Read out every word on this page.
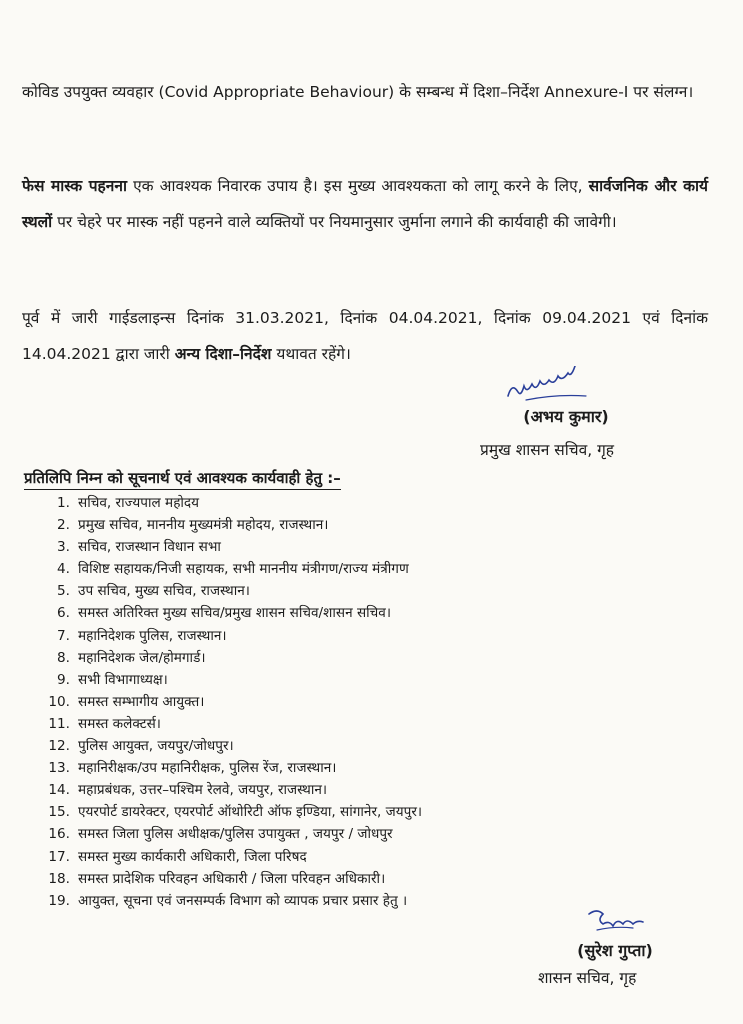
कोविड उपयुक्त व्यवहार (Covid Appropriate Behaviour) के सम्बन्ध में दिशा–निर्देश Annexure-I पर संलग्न।

फेस मास्क पहनना एक आवश्यक निवारक उपाय है। इस मुख्य आवश्यकता को लागू करने के लिए, सार्वजनिक और कार्य स्थलों पर चेहरे पर मास्क नहीं पहनने वाले व्यक्तियों पर नियमानुसार जुर्माना लगाने की कार्यवाही की जावेगी।

पूर्व में जारी गाईडलाइन्स दिनांक 31.03.2021, दिनांक 04.04.2021, दिनांक 09.04.2021 एवं दिनांक 14.04.2021 द्वारा जारी अन्य दिशा–निर्देश यथावत रहेंगे।

(अभय कुमार)
प्रमुख शासन सचिव, गृह
प्रतिलिपि निम्न को सूचनार्थ एवं आवश्यक कार्यवाही हेतु :–
1. सचिव, राज्यपाल महोदय
2. प्रमुख सचिव, माननीय मुख्यमंत्री महोदय, राजस्थान।
3. सचिव, राजस्थान विधान सभा
4. विशिष्ट सहायक/निजी सहायक, सभी माननीय मंत्रीगण/राज्य मंत्रीगण
5. उप सचिव, मुख्य सचिव, राजस्थान।
6. समस्त अतिरिक्त मुख्य सचिव/प्रमुख शासन सचिव/शासन सचिव।
7. महानिदेशक पुलिस, राजस्थान।
8. महानिदेशक जेल/होमगार्ड।
9. सभी विभागाध्यक्ष।
10. समस्त सम्भागीय आयुक्त।
11. समस्त कलेक्टर्स।
12. पुलिस आयुक्त, जयपुर/जोधपुर।
13. महानिरीक्षक/उप महानिरीक्षक, पुलिस रेंज, राजस्थान।
14. महाप्रबंधक, उत्तर–पश्चिम रेलवे, जयपुर, राजस्थान।
15. एयरपोर्ट डायरेक्टर, एयरपोर्ट ऑथोरिटी ऑफ इण्डिया, सांगानेर, जयपुर।
16. समस्त जिला पुलिस अधीक्षक/पुलिस उपायुक्त , जयपुर / जोधपुर
17. समस्त मुख्य कार्यकारी अधिकारी, जिला परिषद
18. समस्त प्रादेशिक परिवहन अधिकारी / जिला परिवहन अधिकारी।
19. आयुक्त, सूचना एवं जनसम्पर्क विभाग को व्यापक प्रचार प्रसार हेतु ।
(सुरेश गुप्ता)
शासन सचिव, गृह
